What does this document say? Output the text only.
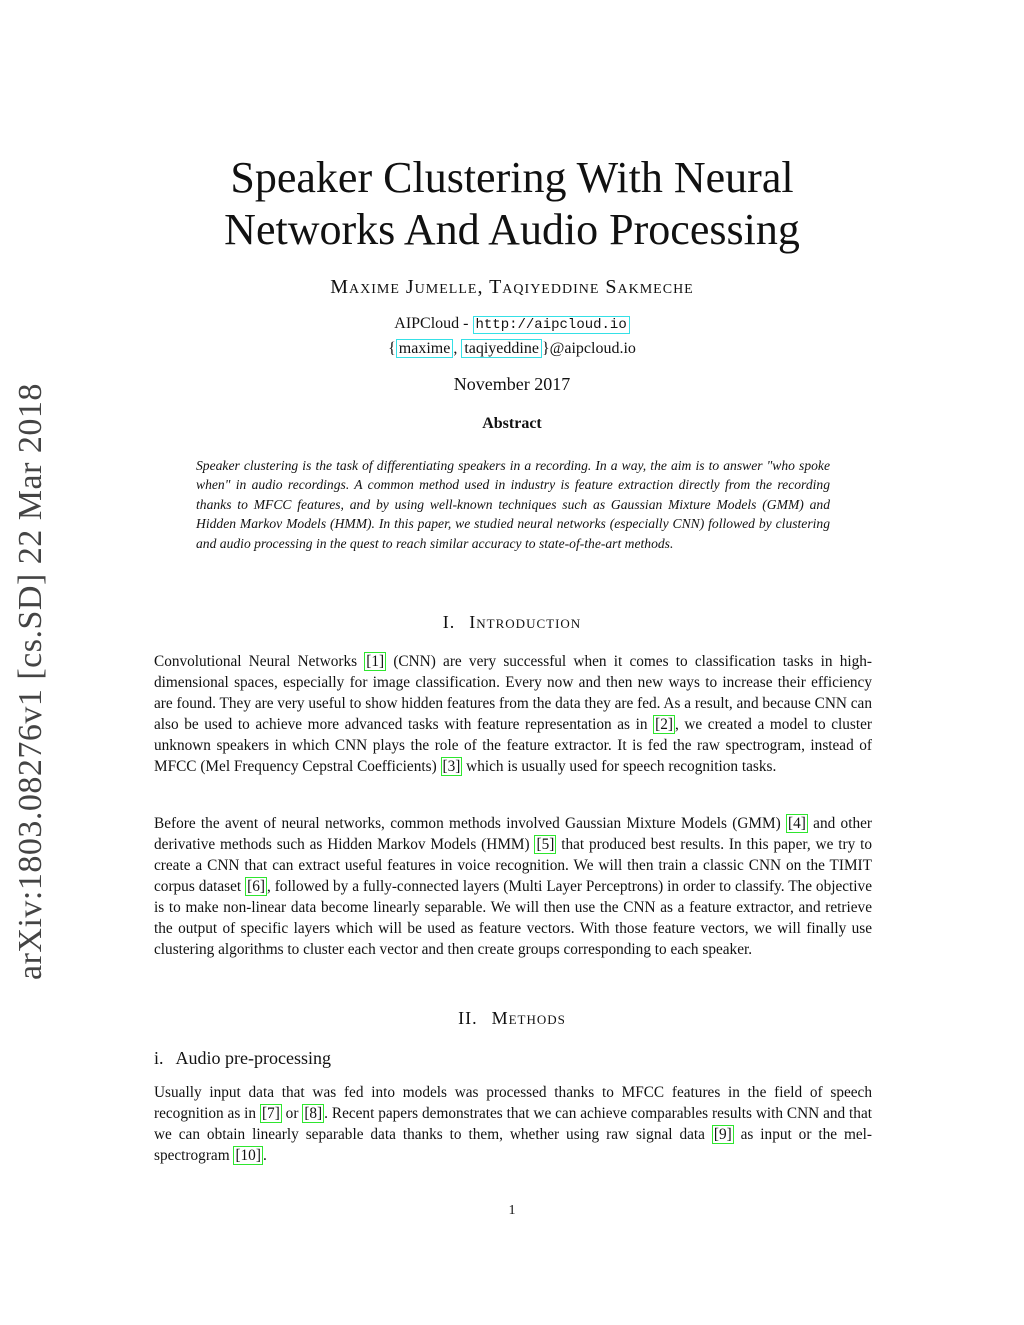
arXiv:1803.08276v1 [cs.SD] 22 Mar 2018
Speaker Clustering With Neural
Networks And Audio Processing
Maxime Jumelle, Taqiyeddine Sakmeche
AIPCloud - http://aipcloud.io
{ maxime , taqiyeddine }@aipcloud.io
November 2017
Abstract
Speaker clustering is the task of differentiating speakers in a recording. In a way, the aim is to answer "who spoke when" in audio recordings. A common method used in industry is feature extraction directly from the recording thanks to MFCC features, and by using well-known techniques such as Gaussian Mixture Models (GMM) and Hidden Markov Models (HMM). In this paper, we studied neural networks (especially CNN) followed by clustering and audio processing in the quest to reach similar accuracy to state-of-the-art methods.
I. Introduction
Convolutional Neural Networks [1] (CNN) are very successful when it comes to classification tasks in high-dimensional spaces, especially for image classification. Every now and then new ways to increase their efficiency are found. They are very useful to show hidden features from the data they are fed. As a result, and because CNN can also be used to achieve more advanced tasks with feature representation as in [2] , we created a model to cluster unknown speakers in which CNN plays the role of the feature extractor. It is fed the raw spectrogram, instead of MFCC (Mel Frequency Cepstral Coefficients) [3] which is usually used for speech recognition tasks.
Before the avent of neural networks, common methods involved Gaussian Mixture Models (GMM) [4] and other derivative methods such as Hidden Markov Models (HMM) [5] that produced best results. In this paper, we try to create a CNN that can extract useful features in voice recognition. We will then train a classic CNN on the TIMIT corpus dataset [6] , followed by a fully-connected layers (Multi Layer Perceptrons) in order to classify. The objective is to make non-linear data become linearly separable. We will then use the CNN as a feature extractor, and retrieve the output of specific layers which will be used as feature vectors. With those feature vectors, we will finally use clustering algorithms to cluster each vector and then create groups corresponding to each speaker.
II. Methods
i. Audio pre-processing
Usually input data that was fed into models was processed thanks to MFCC features in the field of speech recognition as in [7] or [8] . Recent papers demonstrates that we can achieve comparables results with CNN and that we can obtain linearly separable data thanks to them, whether using raw signal data [9] as input or the mel-spectrogram [10] .
1
